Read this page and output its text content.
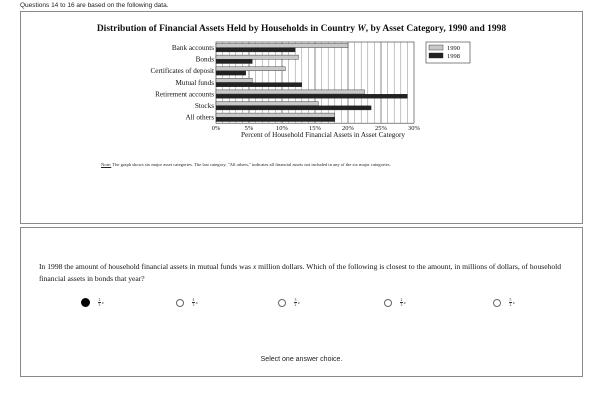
Questions 14 to 16 are based on the following data.
Distribution of Financial Assets Held by Households in Country W, by Asset Category, 1990 and 1998
Bank accounts
Bonds
Certificates of deposit
Mutual funds
Retirement accounts
Stocks
All others
0%	5%	10%	15%	20%	25%	30%
Percent of Household Financial Assets in Asset Category
1990
1998
Note: The graph shows six major asset categories. The last category, "All others," indicates all financial assets not included in any of the six major categories.
In 1998 the amount of household financial assets in mutual funds was x million dollars. Which of the following is closest to the amount, in millions of dollars, of household financial assets in bonds that year?
$\frac{2}{3}$ x	$\frac{4}{3}$ x	$\frac{3}{2}$ x	$\frac{2}{3}$ x	$\frac{5}{2}$ x
Select one answer choice.
